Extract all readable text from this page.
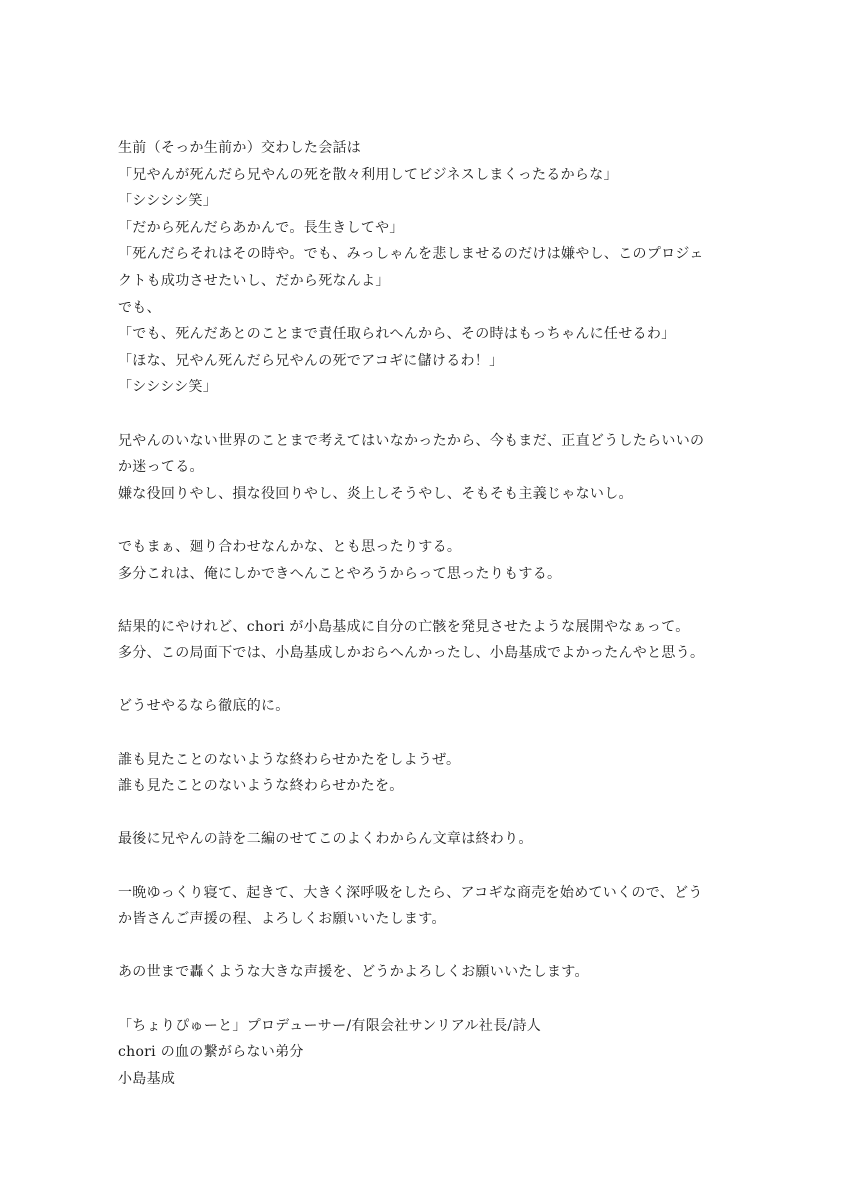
生前（そっか生前か）交わした会話は
「兄やんが死んだら兄やんの死を散々利用してビジネスしまくったるからな」
「シシシシ笑」
「だから死んだらあかんで。長生きしてや」
「死んだらそれはその時や。でも、みっしゃんを悲しませるのだけは嫌やし、このプロジェ
クトも成功させたいし、だから死なんよ」
でも、
「でも、死んだあとのことまで責任取られへんから、その時はもっちゃんに任せるわ」
「ほな、兄やん死んだら兄やんの死でアコギに儲けるわ！」
「シシシシ笑」
兄やんのいない世界のことまで考えてはいなかったから、今もまだ、正直どうしたらいいの
か迷ってる。
嫌な役回りやし、損な役回りやし、炎上しそうやし、そもそも主義じゃないし。
でもまぁ、廻り合わせなんかな、とも思ったりする。
多分これは、俺にしかできへんことやろうからって思ったりもする。
結果的にやけれど、chori が小島基成に自分の亡骸を発見させたような展開やなぁって。
多分、この局面下では、小島基成しかおらへんかったし、小島基成でよかったんやと思う。
どうせやるなら徹底的に。
誰も見たことのないような終わらせかたをしようぜ。
誰も見たことのないような終わらせかたを。
最後に兄やんの詩を二編のせてこのよくわからん文章は終わり。
一晩ゆっくり寝て、起きて、大きく深呼吸をしたら、アコギな商売を始めていくので、どう
か皆さんご声援の程、よろしくお願いいたします。
あの世まで轟くような大きな声援を、どうかよろしくお願いいたします。
「ちょりぴゅーと」プロデューサー/有限会社サンリアル社長/詩人
chori の血の繋がらない弟分
小島基成
